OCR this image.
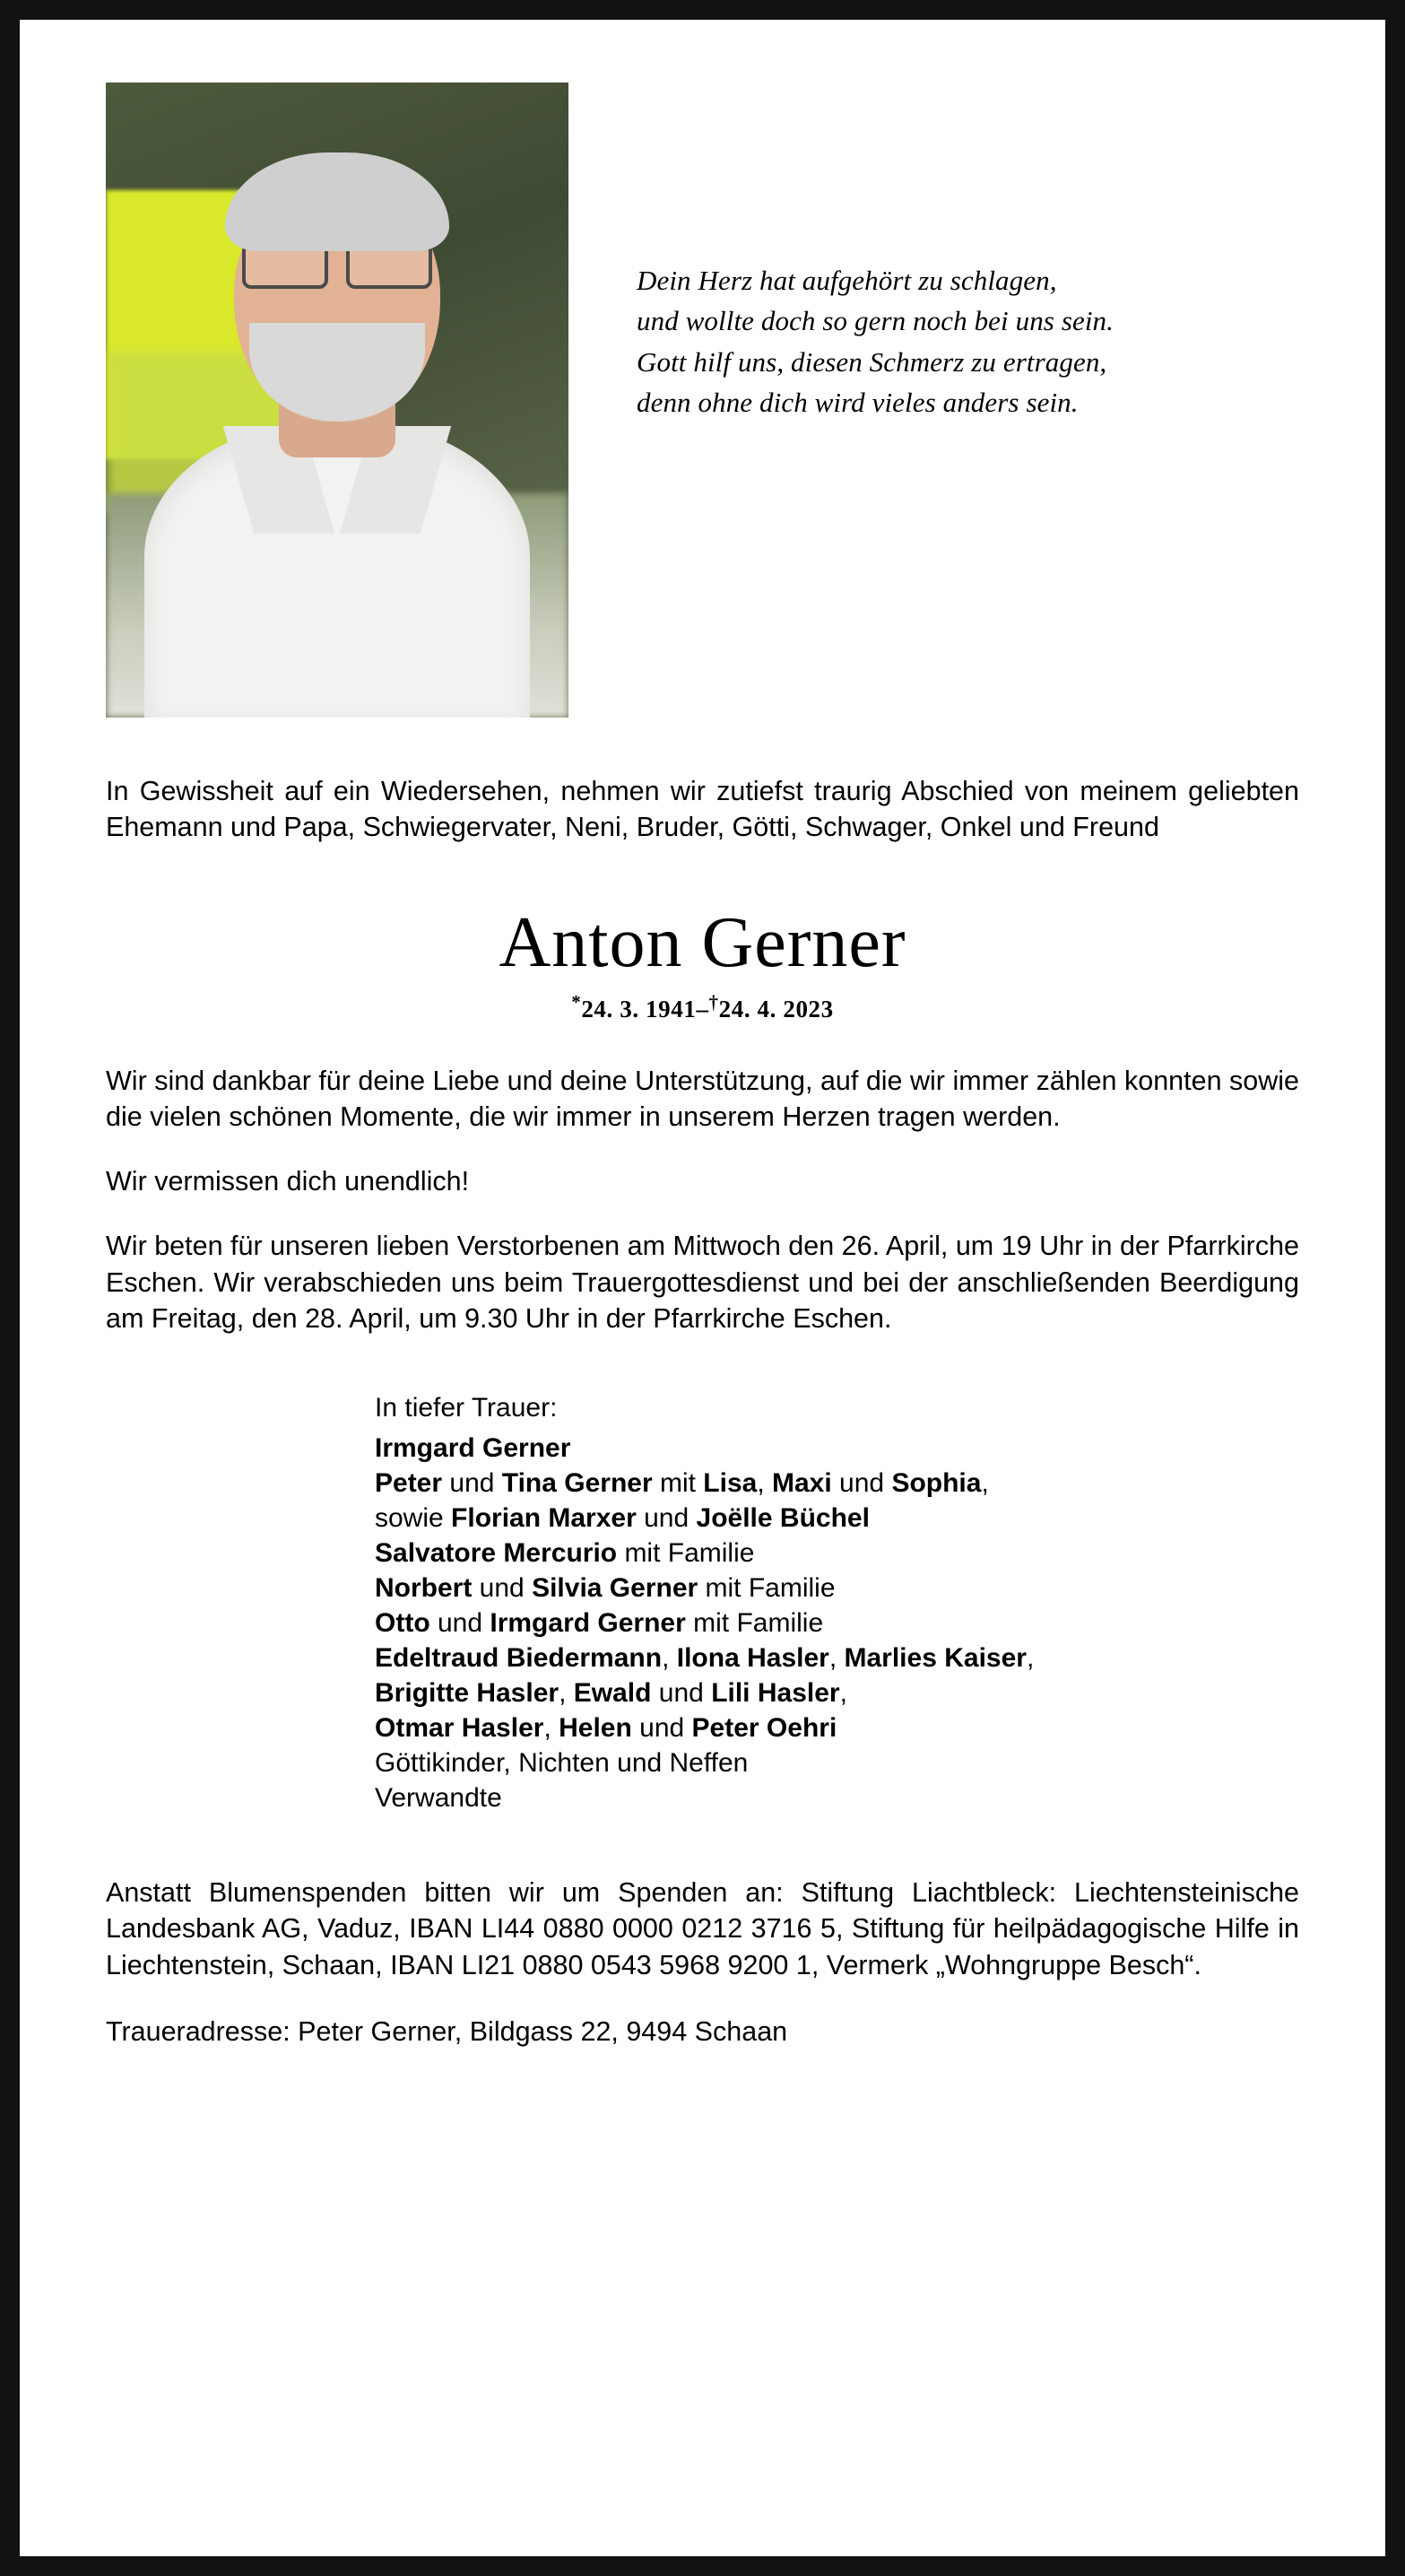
Dein Herz hat aufgehört zu schlagen,
und wollte doch so gern noch bei uns sein.
Gott hilf uns, diesen Schmerz zu ertragen,
denn ohne dich wird vieles anders sein.
In Gewissheit auf ein Wiedersehen, nehmen wir zutiefst traurig Abschied von meinem geliebten Ehemann und Papa, Schwiegervater, Neni, Bruder, Götti, Schwager, Onkel und Freund
Anton Gerner
*24. 3. 1941–†24. 4. 2023

Wir sind dankbar für deine Liebe und deine Unterstützung, auf die wir immer zählen konnten sowie die vielen schönen Momente, die wir immer in unserem Herzen tragen werden.

Wir vermissen dich unendlich!

Wir beten für unseren lieben Verstorbenen am Mittwoch den 26. April, um 19 Uhr in der Pfarrkirche Eschen. Wir verabschieden uns beim Trauergottesdienst und bei der anschließenden Beerdigung am Freitag, den 28. April, um 9.30 Uhr in der Pfarrkirche Eschen.

In tiefer Trauer:
Irmgard Gerner
Peter und Tina Gerner mit Lisa, Maxi und Sophia,
sowie Florian Marxer und Joëlle Büchel
Salvatore Mercurio mit Familie
Norbert und Silvia Gerner mit Familie
Otto und Irmgard Gerner mit Familie
Edeltraud Biedermann, Ilona Hasler, Marlies Kaiser,
Brigitte Hasler, Ewald und Lili Hasler,
Otmar Hasler, Helen und Peter Oehri
Göttikinder, Nichten und Neffen
Verwandte
Anstatt Blumenspenden bitten wir um Spenden an: Stiftung Liachtbleck: Liechtensteinische Landesbank AG, Vaduz, IBAN LI44 0880 0000 0212 3716 5, Stiftung für heilpädagogische Hilfe in Liechtenstein, Schaan, IBAN LI21 0880 0543 5968 9200 1, Vermerk „Wohngruppe Besch“.
Traueradresse: Peter Gerner, Bildgass 22, 9494 Schaan
